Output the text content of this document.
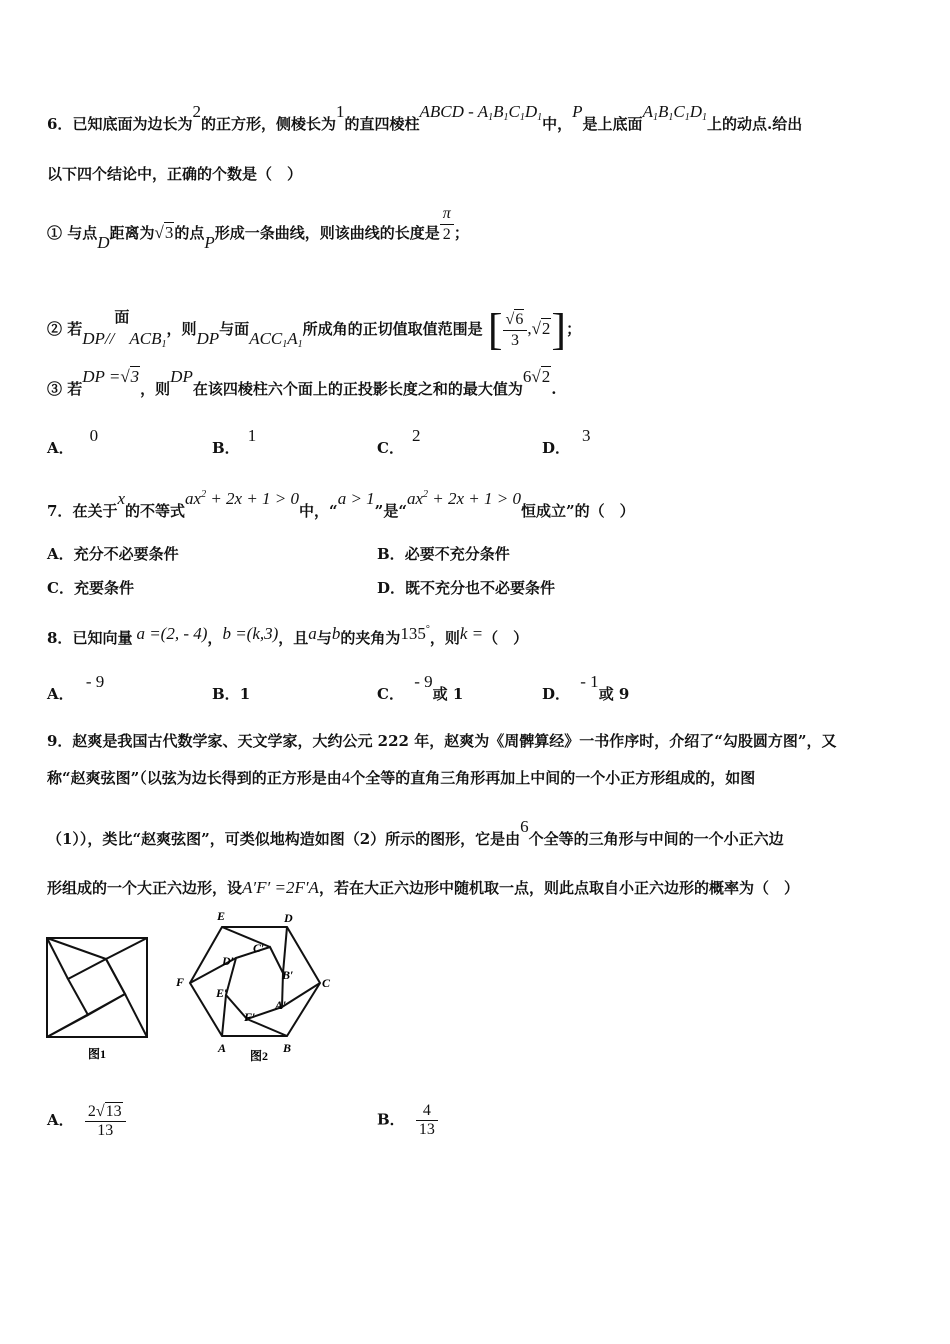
6．已知底面为边长为2的正方形，侧棱长为1的直四棱柱ABCD - $A_1B_1C_1D_1$中，P是上底面$A_1B_1C_1D_1$上的动点.给出
以下四个结论中，正确的个数是（　）
① 与点D距离为√3的点P形成一条曲线，则该曲线的长度是 $\frac{\pi}{2}$ ；
② 若DP//面$ACB_1$，则DP与面$ACC_1A_1$所成角的正切值取值范围是 [ $\frac{√6}{3} ,√2$]；
③ 若DP =√3，则DP在该四棱柱六个面上的正投影长度之和的最大值为6√2.
A．0
B．1
C．2
D．3
7．在关于x的不等式$ax^2 + 2x + 1 > 0$中，“a > 1”是“$ax^2 + 2x + 1 > 0$恒成立”的（　）
A．充分不必要条件	B．必要不充分条件
C．充要条件	D．既不充分也不必要条件
8．已知向量 a =(2, - 4)，b =(k,3)，且a与b的夹角为135°，则k =（　）
A． - 9
B．1	C． - 9或 1	D． - 1或 9
9．赵爽是我国古代数学家、天文学家，大约公元 222 年，赵爽为《周髀算经》一书作序时，介绍了“勾股圆方图”，又
称“赵爽弦图”（以弦为边长得到的正方形是由4个全等的直角三角形再加上中间的一个小正方形组成的，如图
（1）），类比“赵爽弦图”，可类似地构造如图（2）所示的图形，它是由6个全等的三角形与中间的一个小正六边
形组成的一个大正六边形，设A′F′ =2F′A，若在大正六边形中随机取一点，则此点取自小正六边形的概率为（　）
图1
E	D
C′
D′
B′
F	C
E′
A′
F′
A	B
图2
A． $\frac{2√13}{13}$	B． $\frac{4}{13}$
